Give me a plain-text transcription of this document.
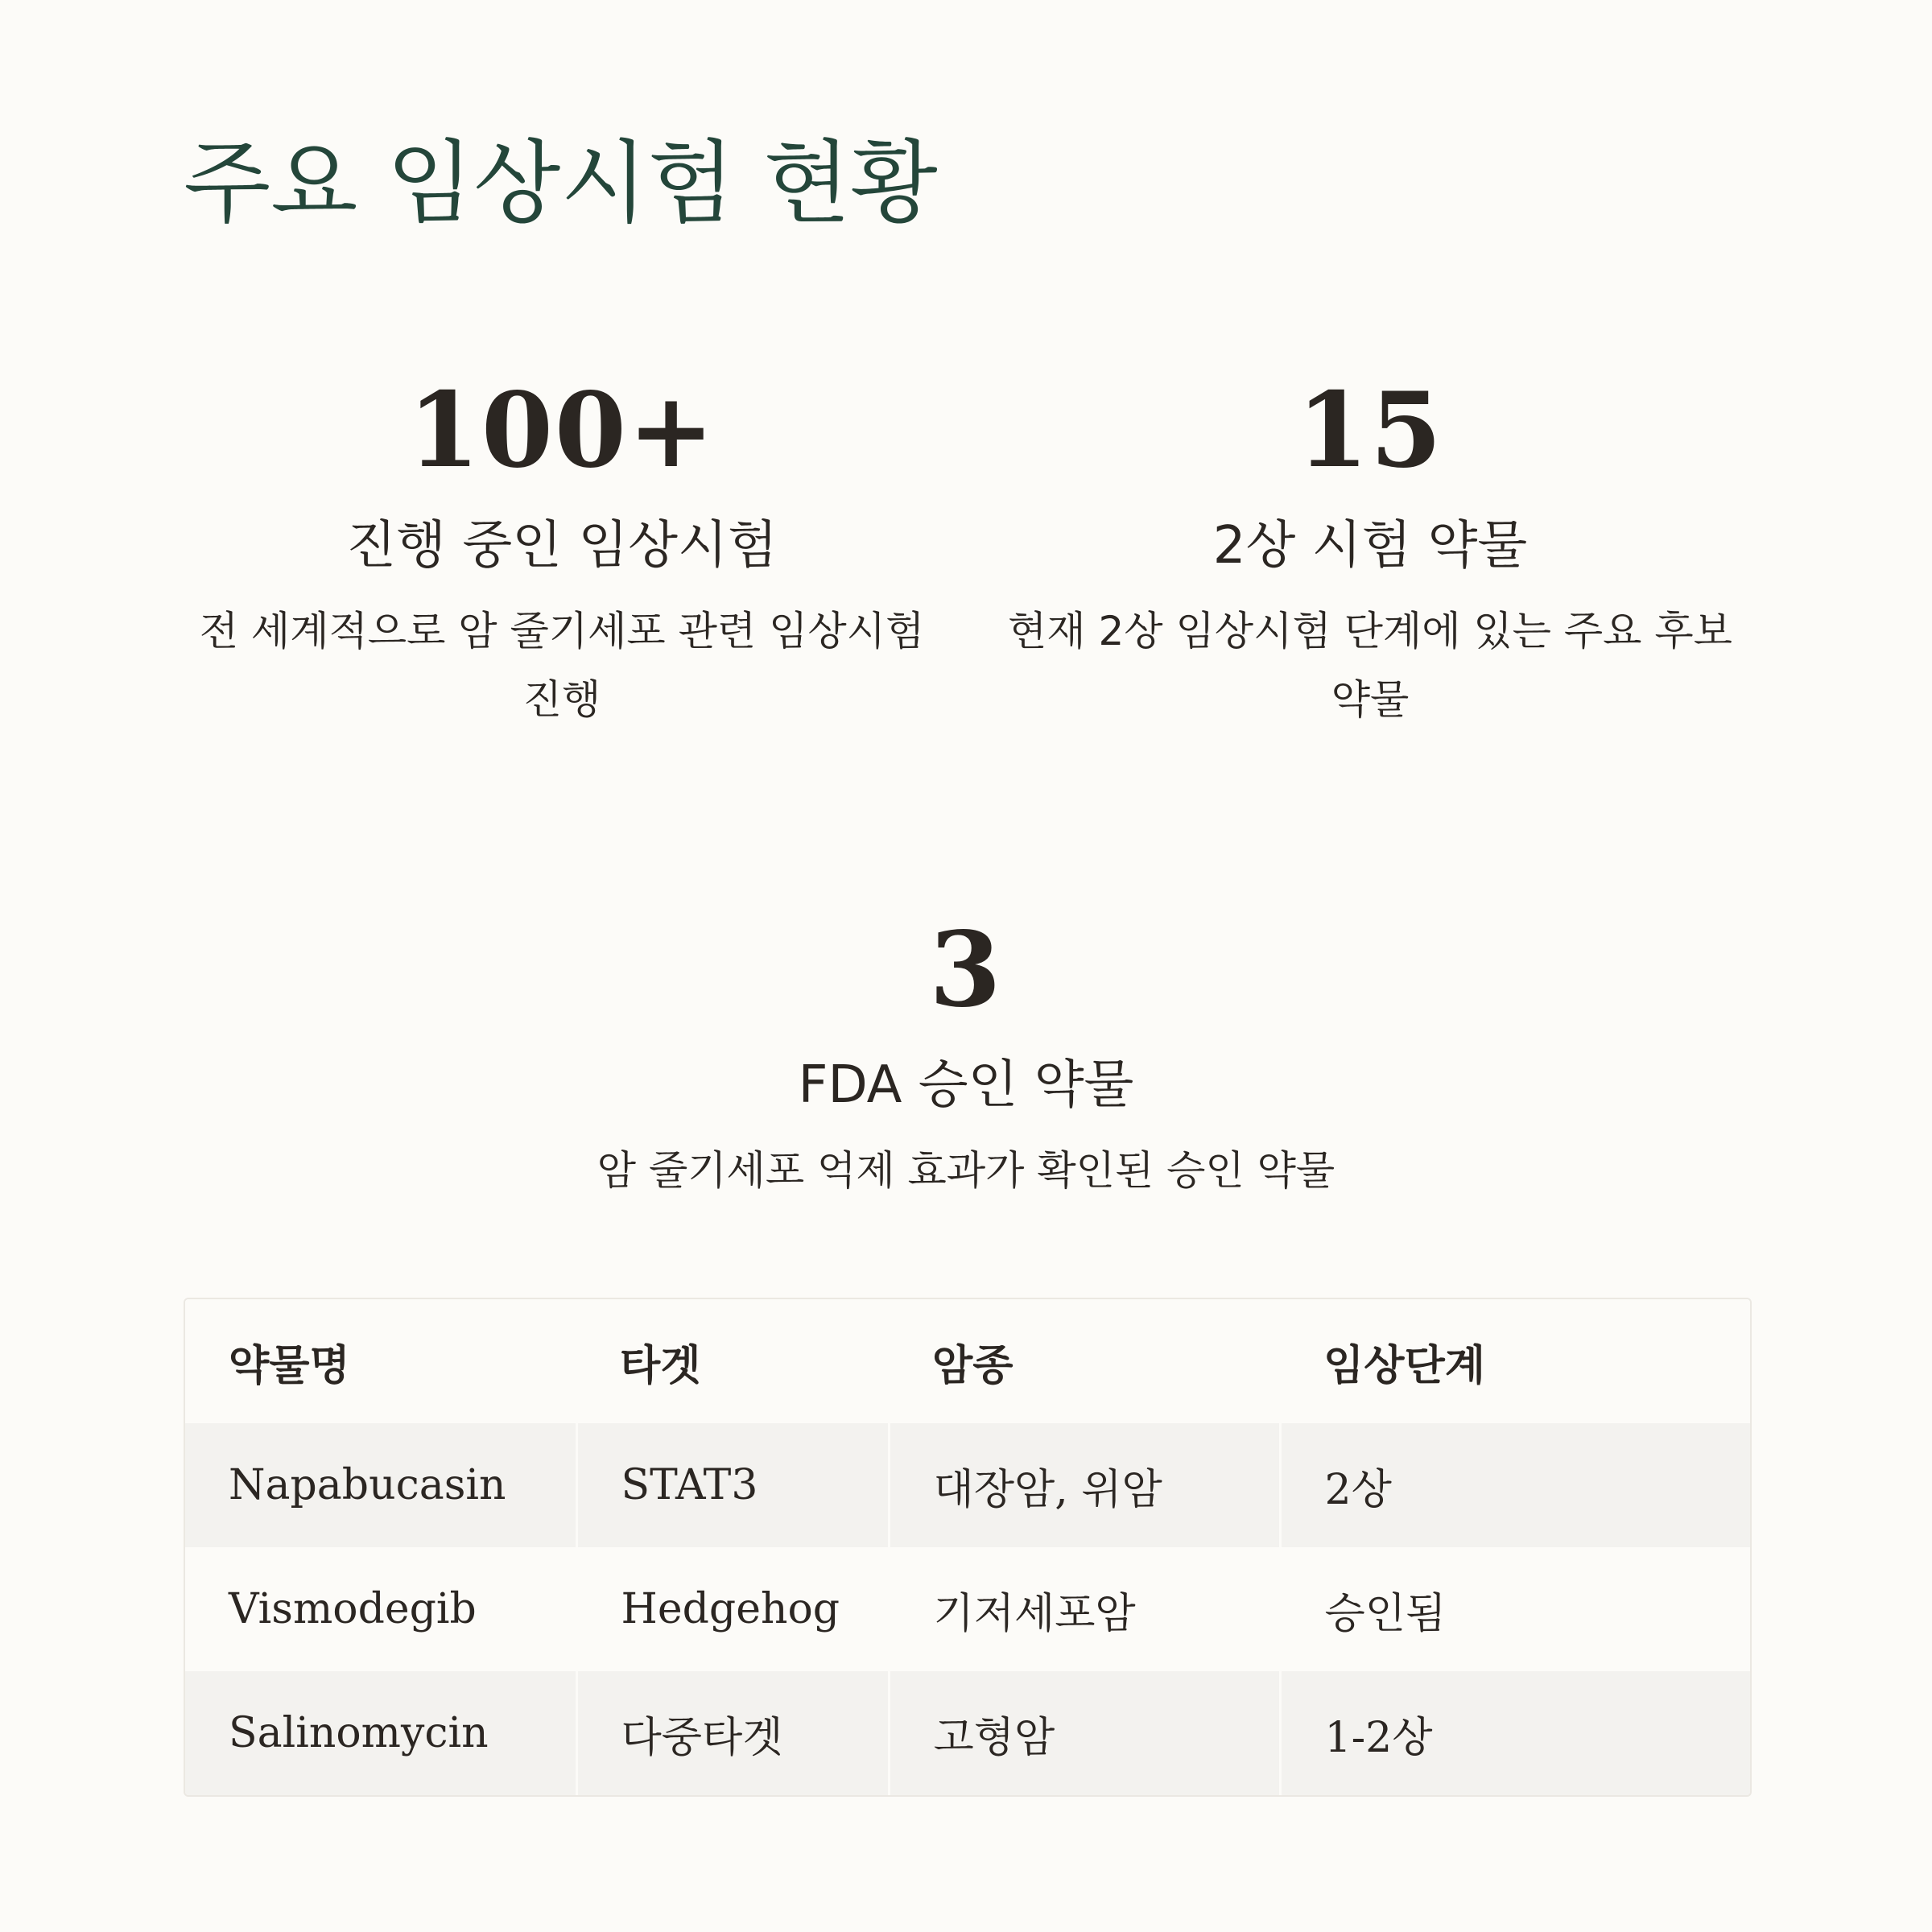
주요 임상시험 현황
100+
진행 중인 임상시험
전 세계적으로 암 줄기세포 관련 임상시험 진행
15
2상 시험 약물
현재 2상 임상시험 단계에 있는 주요 후보 약물
3
FDA 승인 약물
암 줄기세포 억제 효과가 확인된 승인 약물
약물명	타겟	암종	임상단계
Napabucasin	STAT3	대장암, 위암	2상
Vismodegib	Hedgehog	기저세포암	승인됨
Salinomycin	다중타겟	고형암	1-2상
